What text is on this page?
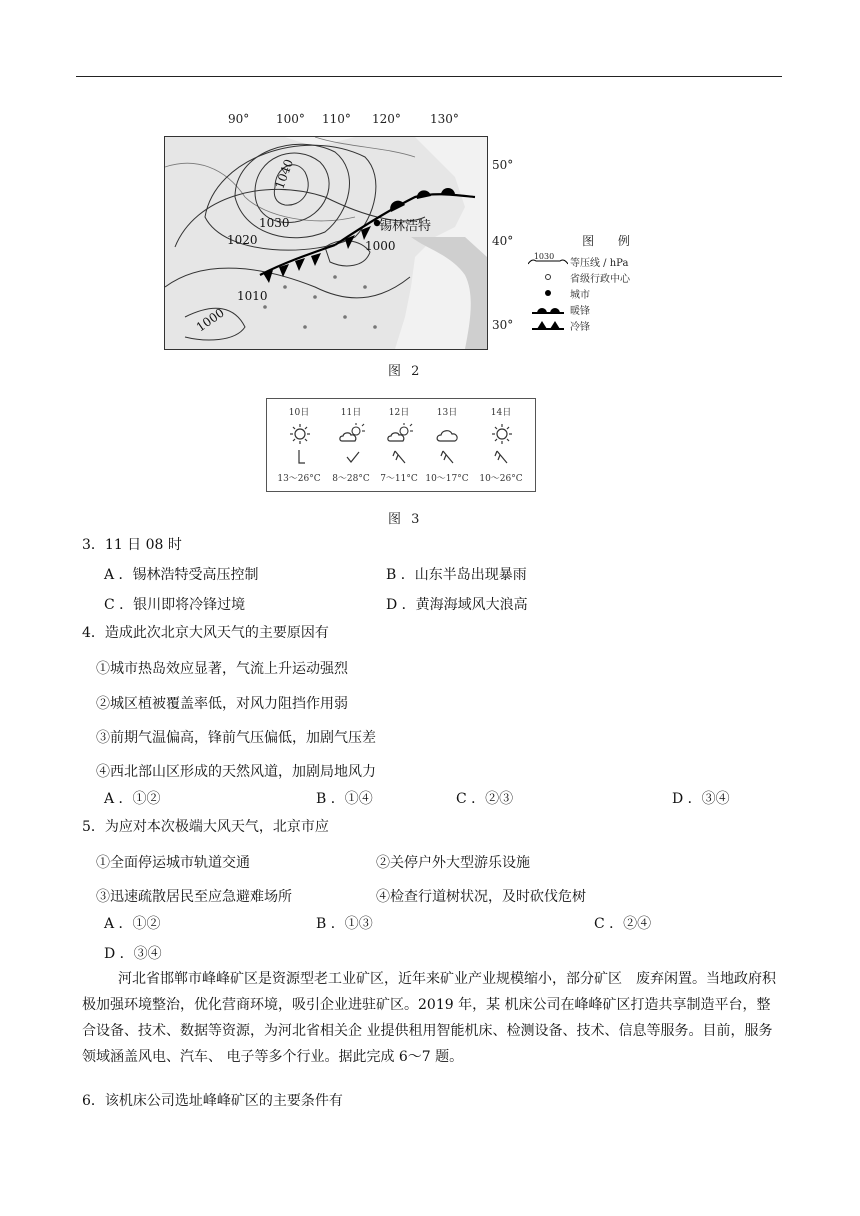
90° 100° 110° 120° 130°
50°
40°
30°
1040
1030
1020
1010
1000
1000
锡林浩特
图 例
1030
等压线 / hPa
省级行政中心
城市
暖锋
冷锋
图 2
10日
13～26°C
11日
8～28°C
12日
7～11°C
13日
10～17°C
14日
10～26°C
图 3
3．11 日 08 时
A ．锡林浩特受高压控制	B ．山东半岛出现暴雨
C ．银川即将冷锋过境	D ．黄海海域风大浪高
4．造成此次北京大风天气的主要原因有
①城市热岛效应显著，气流上升运动强烈
②城区植被覆盖率低，对风力阻挡作用弱
③前期气温偏高，锋前气压偏低，加剧气压差
④西北部山区形成的天然风道，加剧局地风力
A ．①②	B ．①④	C ．②③	D ．③④
5．为应对本次极端大风天气，北京市应
①全面停运城市轨道交通	②关停户外大型游乐设施
③迅速疏散居民至应急避难场所	④检查行道树状况，及时砍伐危树
A ．①②	B ．①③	C ．②④
D ．③④
河北省邯郸市峰峰矿区是资源型老工业矿区，近年来矿业产业规模缩小，部分矿区　废弃闲置。当地政府积极加强环境整治，优化营商环境，吸引企业进驻矿区。2019 年，某 机床公司在峰峰矿区打造共享制造平台，整合设备、技术、数据等资源，为河北省相关企 业提供租用智能机床、检测设备、技术、信息等服务。目前，服务领域涵盖风电、汽车、 电子等多个行业。据此完成 6～7 题。
6．该机床公司选址峰峰矿区的主要条件有
